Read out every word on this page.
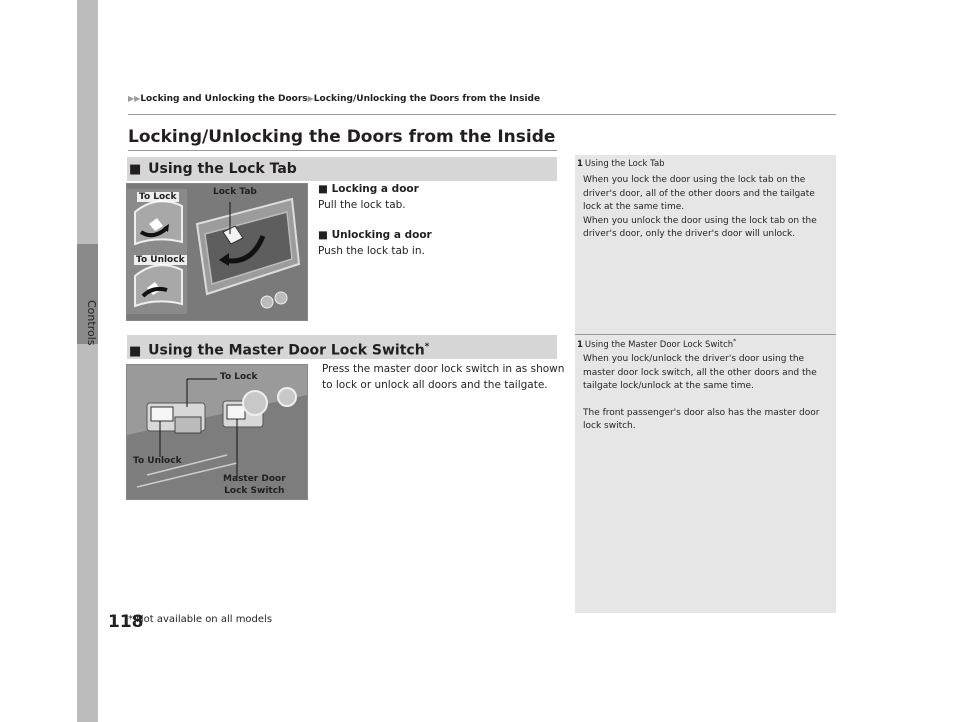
Controls
▶▶Locking and Unlocking the Doors▶Locking/Unlocking the Doors from the Inside
Locking/Unlocking the Doors from the Inside
■ Using the Lock Tab
To Lock	Lock Tab
To Unlock
■ Locking a door
Pull the lock tab.
■ Unlocking a door
Push the lock tab in.
■ Using the Master Door Lock Switch*
Press the master door lock switch in as shown
to lock or unlock all doors and the tailgate.
To Lock
To Unlock
Master Door
Lock Switch
1 Using the Lock Tab
When you lock the door using the lock tab on the
driver's door, all of the other doors and the tailgate
lock at the same time.
When you unlock the door using the lock tab on the
driver's door, only the driver's door will unlock.
1 Using the Master Door Lock Switch*
When you lock/unlock the driver's door using the
master door lock switch, all the other doors and the
tailgate lock/unlock at the same time.
The front passenger's door also has the master door
lock switch.
118
* Not available on all models
